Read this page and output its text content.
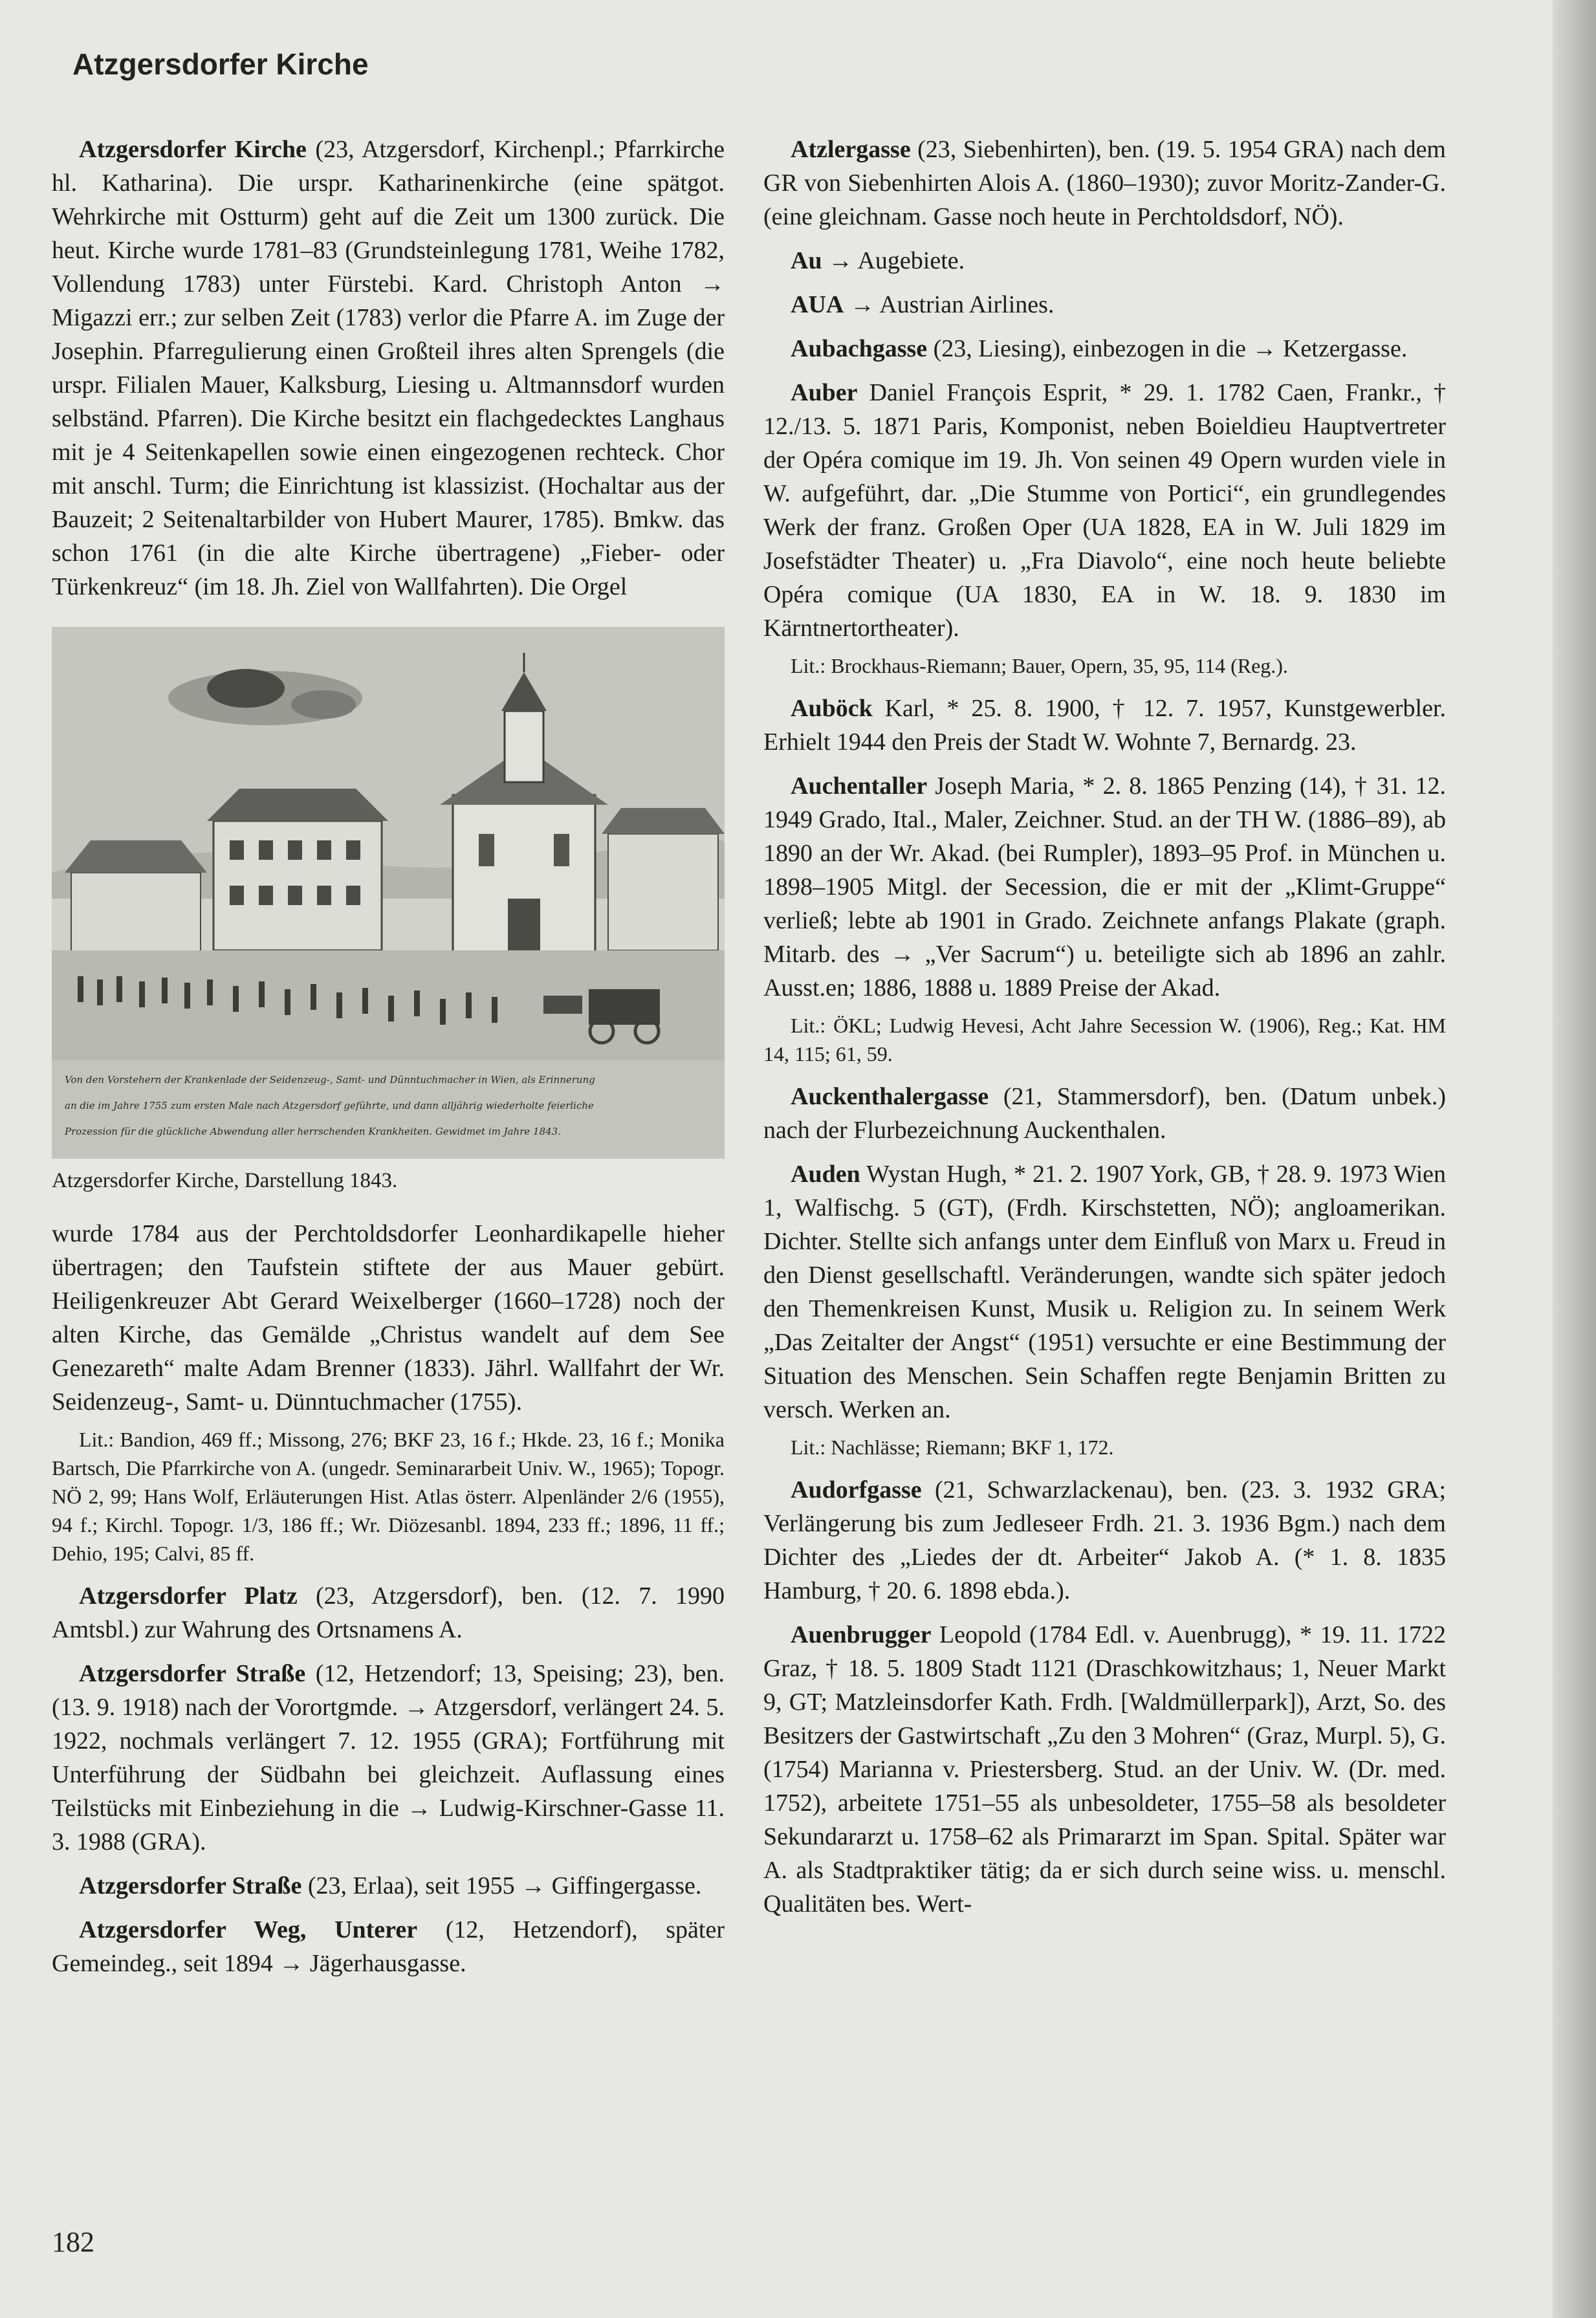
Atzgersdorfer Kirche

Atzgersdorfer Kirche (23, Atzgersdorf, Kirchenpl.; Pfarrkirche hl. Katharina). Die urspr. Katharinenkirche (eine spätgot. Wehrkirche mit Ostturm) geht auf die Zeit um 1300 zurück. Die heut. Kirche wurde 1781–83 (Grundsteinlegung 1781, Weihe 1782, Vollendung 1783) unter Fürstebi. Kard. Christoph Anton → Migazzi err.; zur selben Zeit (1783) verlor die Pfarre A. im Zuge der Josephin. Pfarregulierung einen Großteil ihres alten Sprengels (die urspr. Filialen Mauer, Kalksburg, Liesing u. Altmannsdorf wurden selbständ. Pfarren). Die Kirche besitzt ein flachgedecktes Langhaus mit je 4 Seitenkapellen sowie einen eingezogenen rechteck. Chor mit anschl. Turm; die Einrichtung ist klassizist. (Hochaltar aus der Bauzeit; 2 Seitenaltarbilder von Hubert Maurer, 1785). Bmkw. das schon 1761 (in die alte Kirche übertragene) „Fieber- oder Türkenkreuz“ (im 18. Jh. Ziel von Wallfahrten). Die Orgel

Von den Vorstehern der Krankenlade der Seidenzeug-, Samt- und Dünntuchmacher in Wien, als Erinnerung
an die im Jahre 1755 zum ersten Male nach Atzgersdorf geführte, und dann alljährig wiederholte feierliche
Prozession für die glückliche Abwendung aller herrschenden Krankheiten. Gewidmet im Jahre 1843.
Atzgersdorfer Kirche, Darstellung 1843.

wurde 1784 aus der Perchtoldsdorfer Leonhardikapelle hieher übertragen; den Taufstein stiftete der aus Mauer gebürt. Heiligenkreuzer Abt Gerard Weixelberger (1660–1728) noch der alten Kirche, das Gemälde „Christus wandelt auf dem See Genezareth“ malte Adam Brenner (1833). Jährl. Wallfahrt der Wr. Seidenzeug-, Samt- u. Dünntuchmacher (1755).

Lit.: Bandion, 469 ff.; Missong, 276; BKF 23, 16 f.; Hkde. 23, 16 f.; Monika Bartsch, Die Pfarrkirche von A. (ungedr. Seminararbeit Univ. W., 1965); Topogr. NÖ 2, 99; Hans Wolf, Erläuterungen Hist. Atlas österr. Alpenländer 2/6 (1955), 94 f.; Kirchl. Topogr. 1/3, 186 ff.; Wr. Diözesanbl. 1894, 233 ff.; 1896, 11 ff.; Dehio, 195; Calvi, 85 ff.

Atzgersdorfer Platz (23, Atzgersdorf), ben. (12. 7. 1990 Amtsbl.) zur Wahrung des Ortsnamens A.

Atzgersdorfer Straße (12, Hetzendorf; 13, Speising; 23), ben. (13. 9. 1918) nach der Vorortgmde. → Atzgersdorf, verlängert 24. 5. 1922, nochmals verlängert 7. 12. 1955 (GRA); Fortführung mit Unterführung der Südbahn bei gleichzeit. Auflassung eines Teilstücks mit Einbeziehung in die → Ludwig-Kirschner-Gasse 11. 3. 1988 (GRA).

Atzgersdorfer Straße (23, Erlaa), seit 1955 → Giffingergasse.

Atzgersdorfer Weg, Unterer (12, Hetzendorf), später Gemeindeg., seit 1894 → Jägerhausgasse.

Atzlergasse (23, Siebenhirten), ben. (19. 5. 1954 GRA) nach dem GR von Siebenhirten Alois A. (1860–1930); zuvor Moritz-Zander-G. (eine gleichnam. Gasse noch heute in Perchtoldsdorf, NÖ).

Au → Augebiete.

AUA → Austrian Airlines.

Aubachgasse (23, Liesing), einbezogen in die → Ketzergasse.

Auber Daniel François Esprit, * 29. 1. 1782 Caen, Frankr., † 12./13. 5. 1871 Paris, Komponist, neben Boieldieu Hauptvertreter der Opéra comique im 19. Jh. Von seinen 49 Opern wurden viele in W. aufgeführt, dar. „Die Stumme von Portici“, ein grundlegendes Werk der franz. Großen Oper (UA 1828, EA in W. Juli 1829 im Josefstädter Theater) u. „Fra Diavolo“, eine noch heute beliebte Opéra comique (UA 1830, EA in W. 18. 9. 1830 im Kärntnertortheater).

Lit.: Brockhaus-Riemann; Bauer, Opern, 35, 95, 114 (Reg.).

Auböck Karl, * 25. 8. 1900, † 12. 7. 1957, Kunstgewerbler. Erhielt 1944 den Preis der Stadt W. Wohnte 7, Bernardg. 23.

Auchentaller Joseph Maria, * 2. 8. 1865 Penzing (14), † 31. 12. 1949 Grado, Ital., Maler, Zeichner. Stud. an der TH W. (1886–89), ab 1890 an der Wr. Akad. (bei Rumpler), 1893–95 Prof. in München u. 1898–1905 Mitgl. der Secession, die er mit der „Klimt-Gruppe“ verließ; lebte ab 1901 in Grado. Zeichnete anfangs Plakate (graph. Mitarb. des → „Ver Sacrum“) u. beteiligte sich ab 1896 an zahlr. Ausst.en; 1886, 1888 u. 1889 Preise der Akad.

Lit.: ÖKL; Ludwig Hevesi, Acht Jahre Secession W. (1906), Reg.; Kat. HM 14, 115; 61, 59.

Auckenthalergasse (21, Stammersdorf), ben. (Datum unbek.) nach der Flurbezeichnung Auckenthalen.

Auden Wystan Hugh, * 21. 2. 1907 York, GB, † 28. 9. 1973 Wien 1, Walfischg. 5 (GT), (Frdh. Kirschstetten, NÖ); angloamerikan. Dichter. Stellte sich anfangs unter dem Einfluß von Marx u. Freud in den Dienst gesellschaftl. Veränderungen, wandte sich später jedoch den Themenkreisen Kunst, Musik u. Religion zu. In seinem Werk „Das Zeitalter der Angst“ (1951) versuchte er eine Bestimmung der Situation des Menschen. Sein Schaffen regte Benjamin Britten zu versch. Werken an.

Lit.: Nachlässe; Riemann; BKF 1, 172.

Audorfgasse (21, Schwarzlackenau), ben. (23. 3. 1932 GRA; Verlängerung bis zum Jedleseer Frdh. 21. 3. 1936 Bgm.) nach dem Dichter des „Liedes der dt. Arbeiter“ Jakob A. (* 1. 8. 1835 Hamburg, † 20. 6. 1898 ebda.).

Auenbrugger Leopold (1784 Edl. v. Auenbrugg), * 19. 11. 1722 Graz, † 18. 5. 1809 Stadt 1121 (Draschkowitzhaus; 1, Neuer Markt 9, GT; Matzleinsdorfer Kath. Frdh. [Waldmüllerpark]), Arzt, So. des Besitzers der Gastwirtschaft „Zu den 3 Mohren“ (Graz, Murpl. 5), G. (1754) Marianna v. Priestersberg. Stud. an der Univ. W. (Dr. med. 1752), arbeitete 1751–55 als unbesoldeter, 1755–58 als besoldeter Sekundararzt u. 1758–62 als Primararzt im Span. Spital. Später war A. als Stadtpraktiker tätig; da er sich durch seine wiss. u. menschl. Qualitäten bes. Wert-

182
